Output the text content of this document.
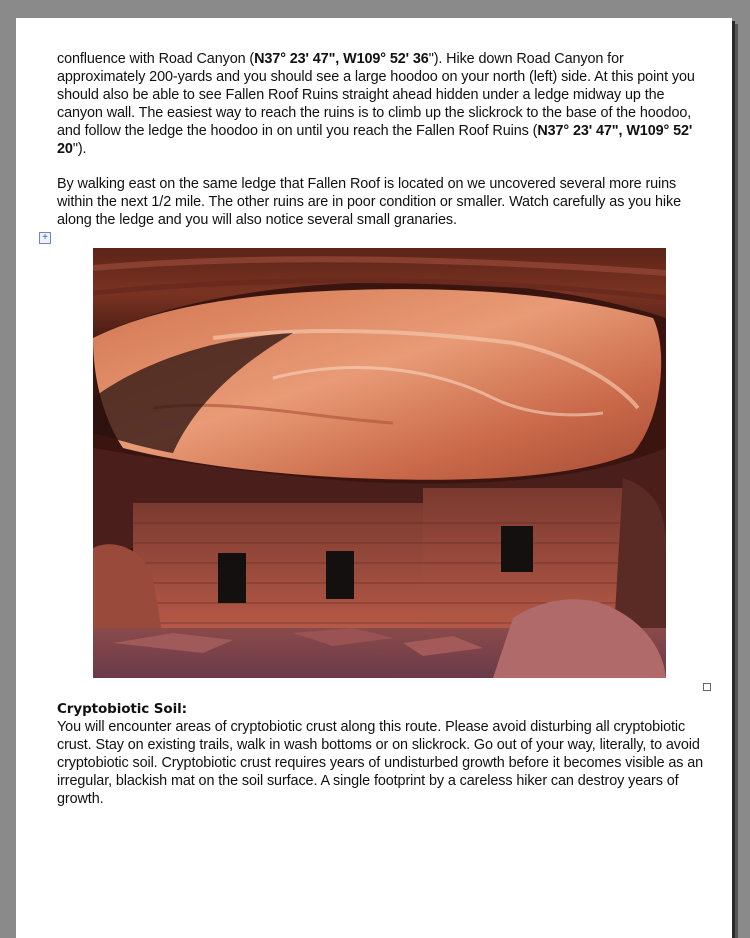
confluence with Road Canyon (N37° 23' 47", W109° 52' 36"). Hike down Road Canyon for approximately 200-yards and you should see a large hoodoo on your north (left) side. At this point you should also be able to see Fallen Roof Ruins straight ahead hidden under a ledge midway up the canyon wall. The easiest way to reach the ruins is to climb up the slickrock to the base of the hoodoo, and follow the ledge the hoodoo in on until you reach the Fallen Roof Ruins (N37° 23' 47", W109° 52' 20").
By walking east on the same ledge that Fallen Roof is located on we uncovered several more ruins within the next 1/2 mile. The other ruins are in poor condition or smaller. Watch carefully as you hike along the ledge and you will also notice several small granaries.
+
Cryptobiotic Soil:
You will encounter areas of cryptobiotic crust along this route. Please avoid disturbing all cryptobiotic crust. Stay on existing trails, walk in wash bottoms or on slickrock. Go out of your way, literally, to avoid cryptobiotic soil. Cryptobiotic crust requires years of undisturbed growth before it becomes visible as an irregular, blackish mat on the soil surface. A single footprint by a careless hiker can destroy years of growth.
